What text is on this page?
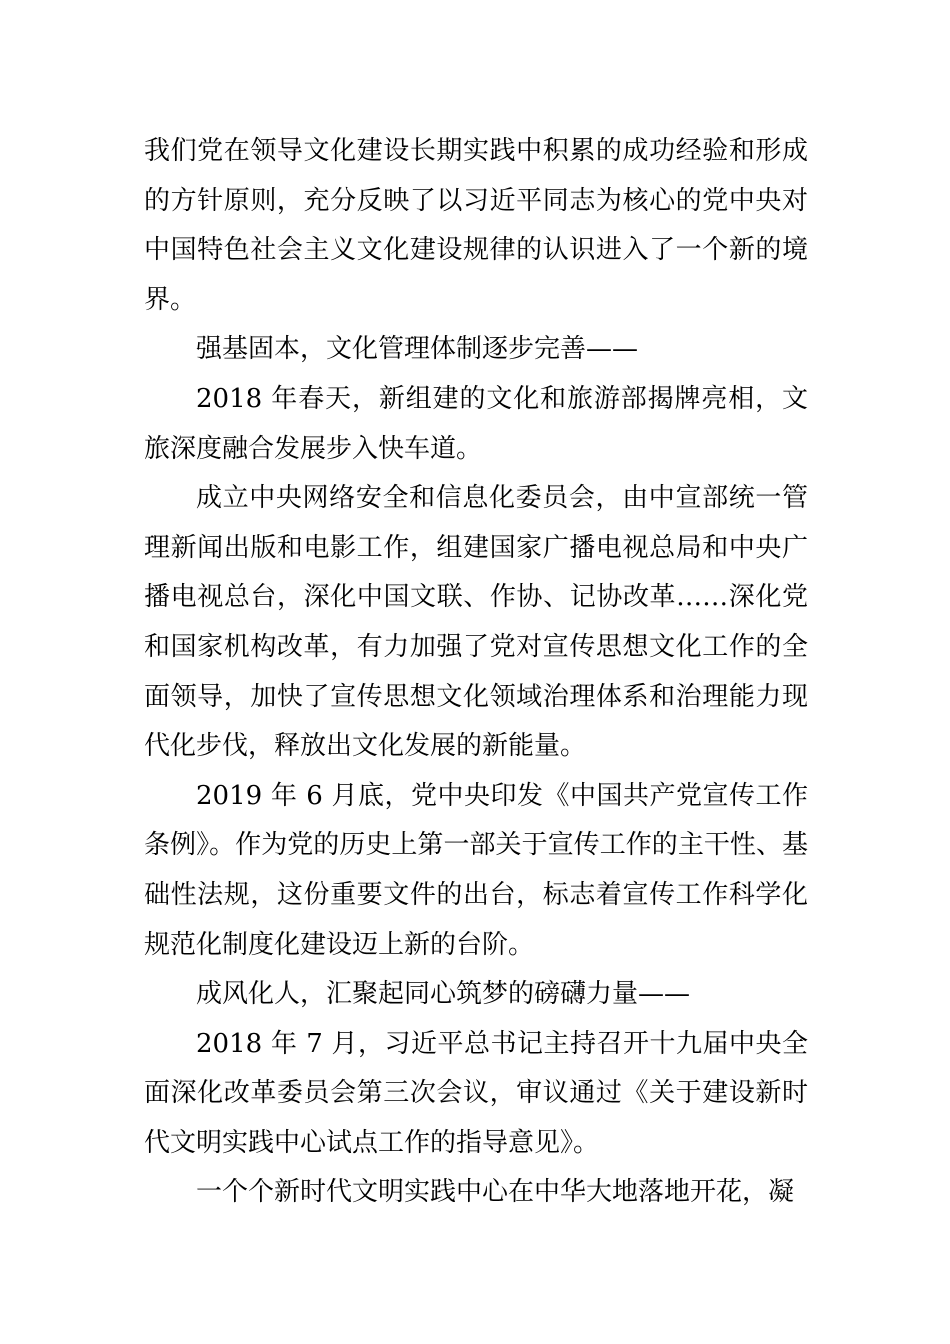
我们党在领导文化建设长期实践中积累的成功经验和形成的方针原则，充分反映了以习近平同志为核心的党中央对中国特色社会主义文化建设规律的认识进入了一个新的境界。

强基固本，文化管理体制逐步完善——

2018 年春天，新组建的文化和旅游部揭牌亮相，文旅深度融合发展步入快车道。

成立中央网络安全和信息化委员会，由中宣部统一管理新闻出版和电影工作，组建国家广播电视总局和中央广播电视总台，深化中国文联、作协、记协改革……深化党和国家机构改革，有力加强了党对宣传思想文化工作的全面领导，加快了宣传思想文化领域治理体系和治理能力现代化步伐，释放出文化发展的新能量。

2019 年 6 月底，党中央印发《中国共产党宣传工作条例》。作为党的历史上第一部关于宣传工作的主干性、基础性法规，这份重要文件的出台，标志着宣传工作科学化规范化制度化建设迈上新的台阶。

成风化人，汇聚起同心筑梦的磅礴力量——

2018 年 7 月，习近平总书记主持召开十九届中央全面深化改革委员会第三次会议，审议通过《关于建设新时代文明实践中心试点工作的指导意见》。

一个个新时代文明实践中心在中华大地落地开花，凝
